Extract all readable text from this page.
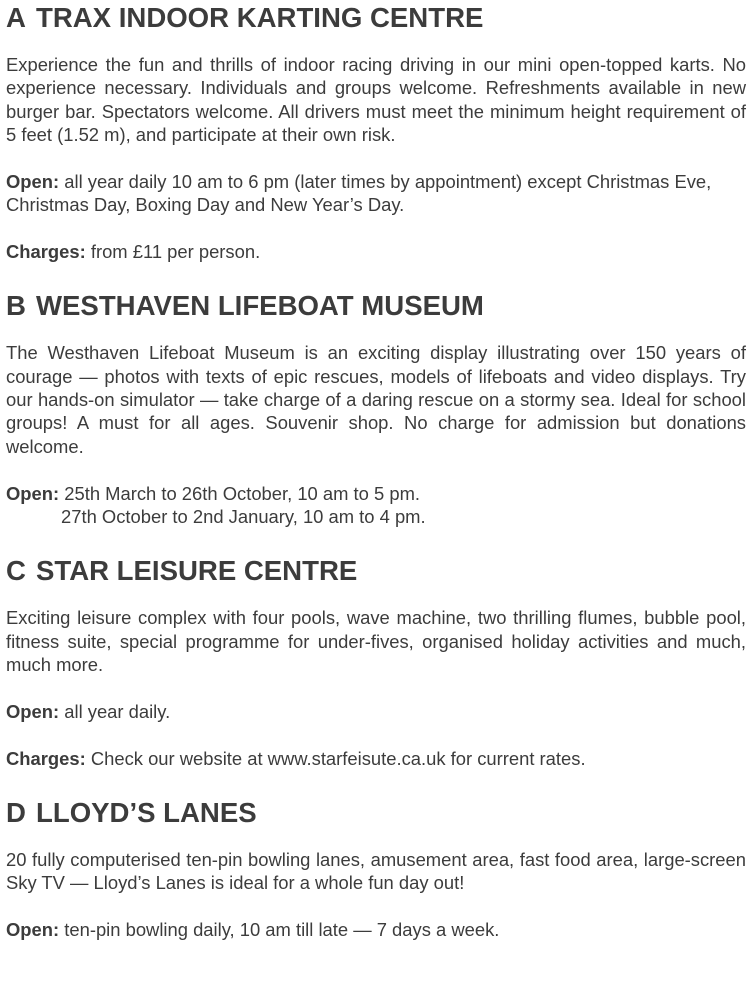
A TRAX INDOOR KARTING CENTRE

Experience the fun and thrills of indoor racing driving in our mini open-topped karts. No experience necessary. Individuals and groups welcome. Refreshments available in new burger bar. Spectators welcome. All drivers must meet the minimum height requirement of 5 feet (1.52 m), and participate at their own risk.

Open: all year daily 10 am to 6 pm (later times by appointment) except Christmas Eve, Christmas Day, Boxing Day and New Year’s Day.

Charges: from £11 per person.

B WESTHAVEN LIFEBOAT MUSEUM

The Westhaven Lifeboat Museum is an exciting display illustrating over 150 years of courage — photos with texts of epic rescues, models of lifeboats and video displays. Try our hands-on simulator — take charge of a daring rescue on a stormy sea. Ideal for school groups! A must for all ages. Souvenir shop. No charge for admission but donations welcome.

Open: 25th March to 26th October, 10 am to 5 pm.

27th October to 2nd January, 10 am to 4 pm.

C STAR LEISURE CENTRE

Exciting leisure complex with four pools, wave machine, two thrilling flumes, bubble pool, fitness suite, special programme for under-fives, organised holiday activities and much, much more.

Open: all year daily.

Charges: Check our website at www.starfeisute.ca.uk for current rates.

D LLOYD’S LANES

20 fully computerised ten-pin bowling lanes, amusement area, fast food area, large-screen Sky TV — Lloyd’s Lanes is ideal for a whole fun day out!

Open: ten-pin bowling daily, 10 am till late — 7 days a week.
